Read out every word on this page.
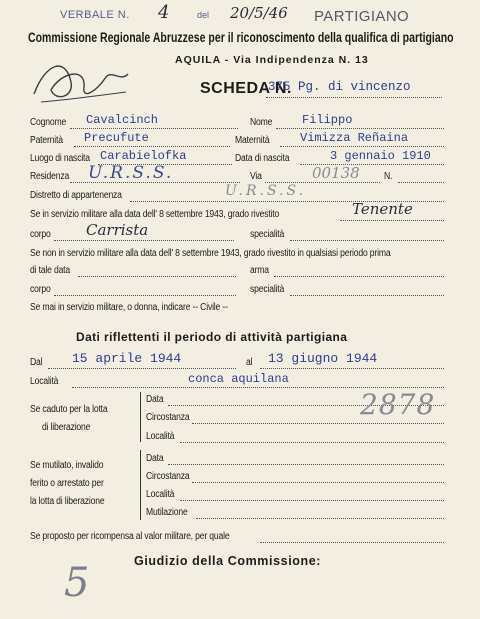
VERBALE N. 4	del 20/5/46 PARTIGIANO
Commissione Regionale Abruzzese per il riconoscimento della qualifica di partigiano
AQUILA - Via Indipendenza N. 13
SCHEDA N.
375 Pg. di vincenzo
Cognome Cavalcinch	Nome Filippo
Paternità Precufute	Maternità	Vimizza Reñaina
Luogo di nascita Carabielofka	Data di nascita	3 gennaio 1910
Residenza U.R.S.S.	Via	00138 N.
Distretto di appartenenza	U.R.S.S.
Se in servizio militare alla data dell' 8 settembre 1943, grado rivestito	Tenente
corpo Carrista	specialità
Se non in servizio militare alla data dell' 8 settembre 1943, grado rivestito in qualsiasi periodo prima
di tale data	arma
corpo	specialità
Se mai in servizio militare, o donna, indicare -- Civile --
Dati riflettenti il periodo di attività partigiana
Dal 15 aprile 1944	al 13 giugno 1944
Località	conca aquilana
Se caduto per la lotta
di liberazione
Data
Circostanza
Località
2878
Se mutilato, invalido
ferito o arrestato per
la lotta di liberazione
Data
Circostanza
Località
Mutilazione
Se proposto per ricompensa al valor militare, per quale
Giudizio della Commissione:
5
